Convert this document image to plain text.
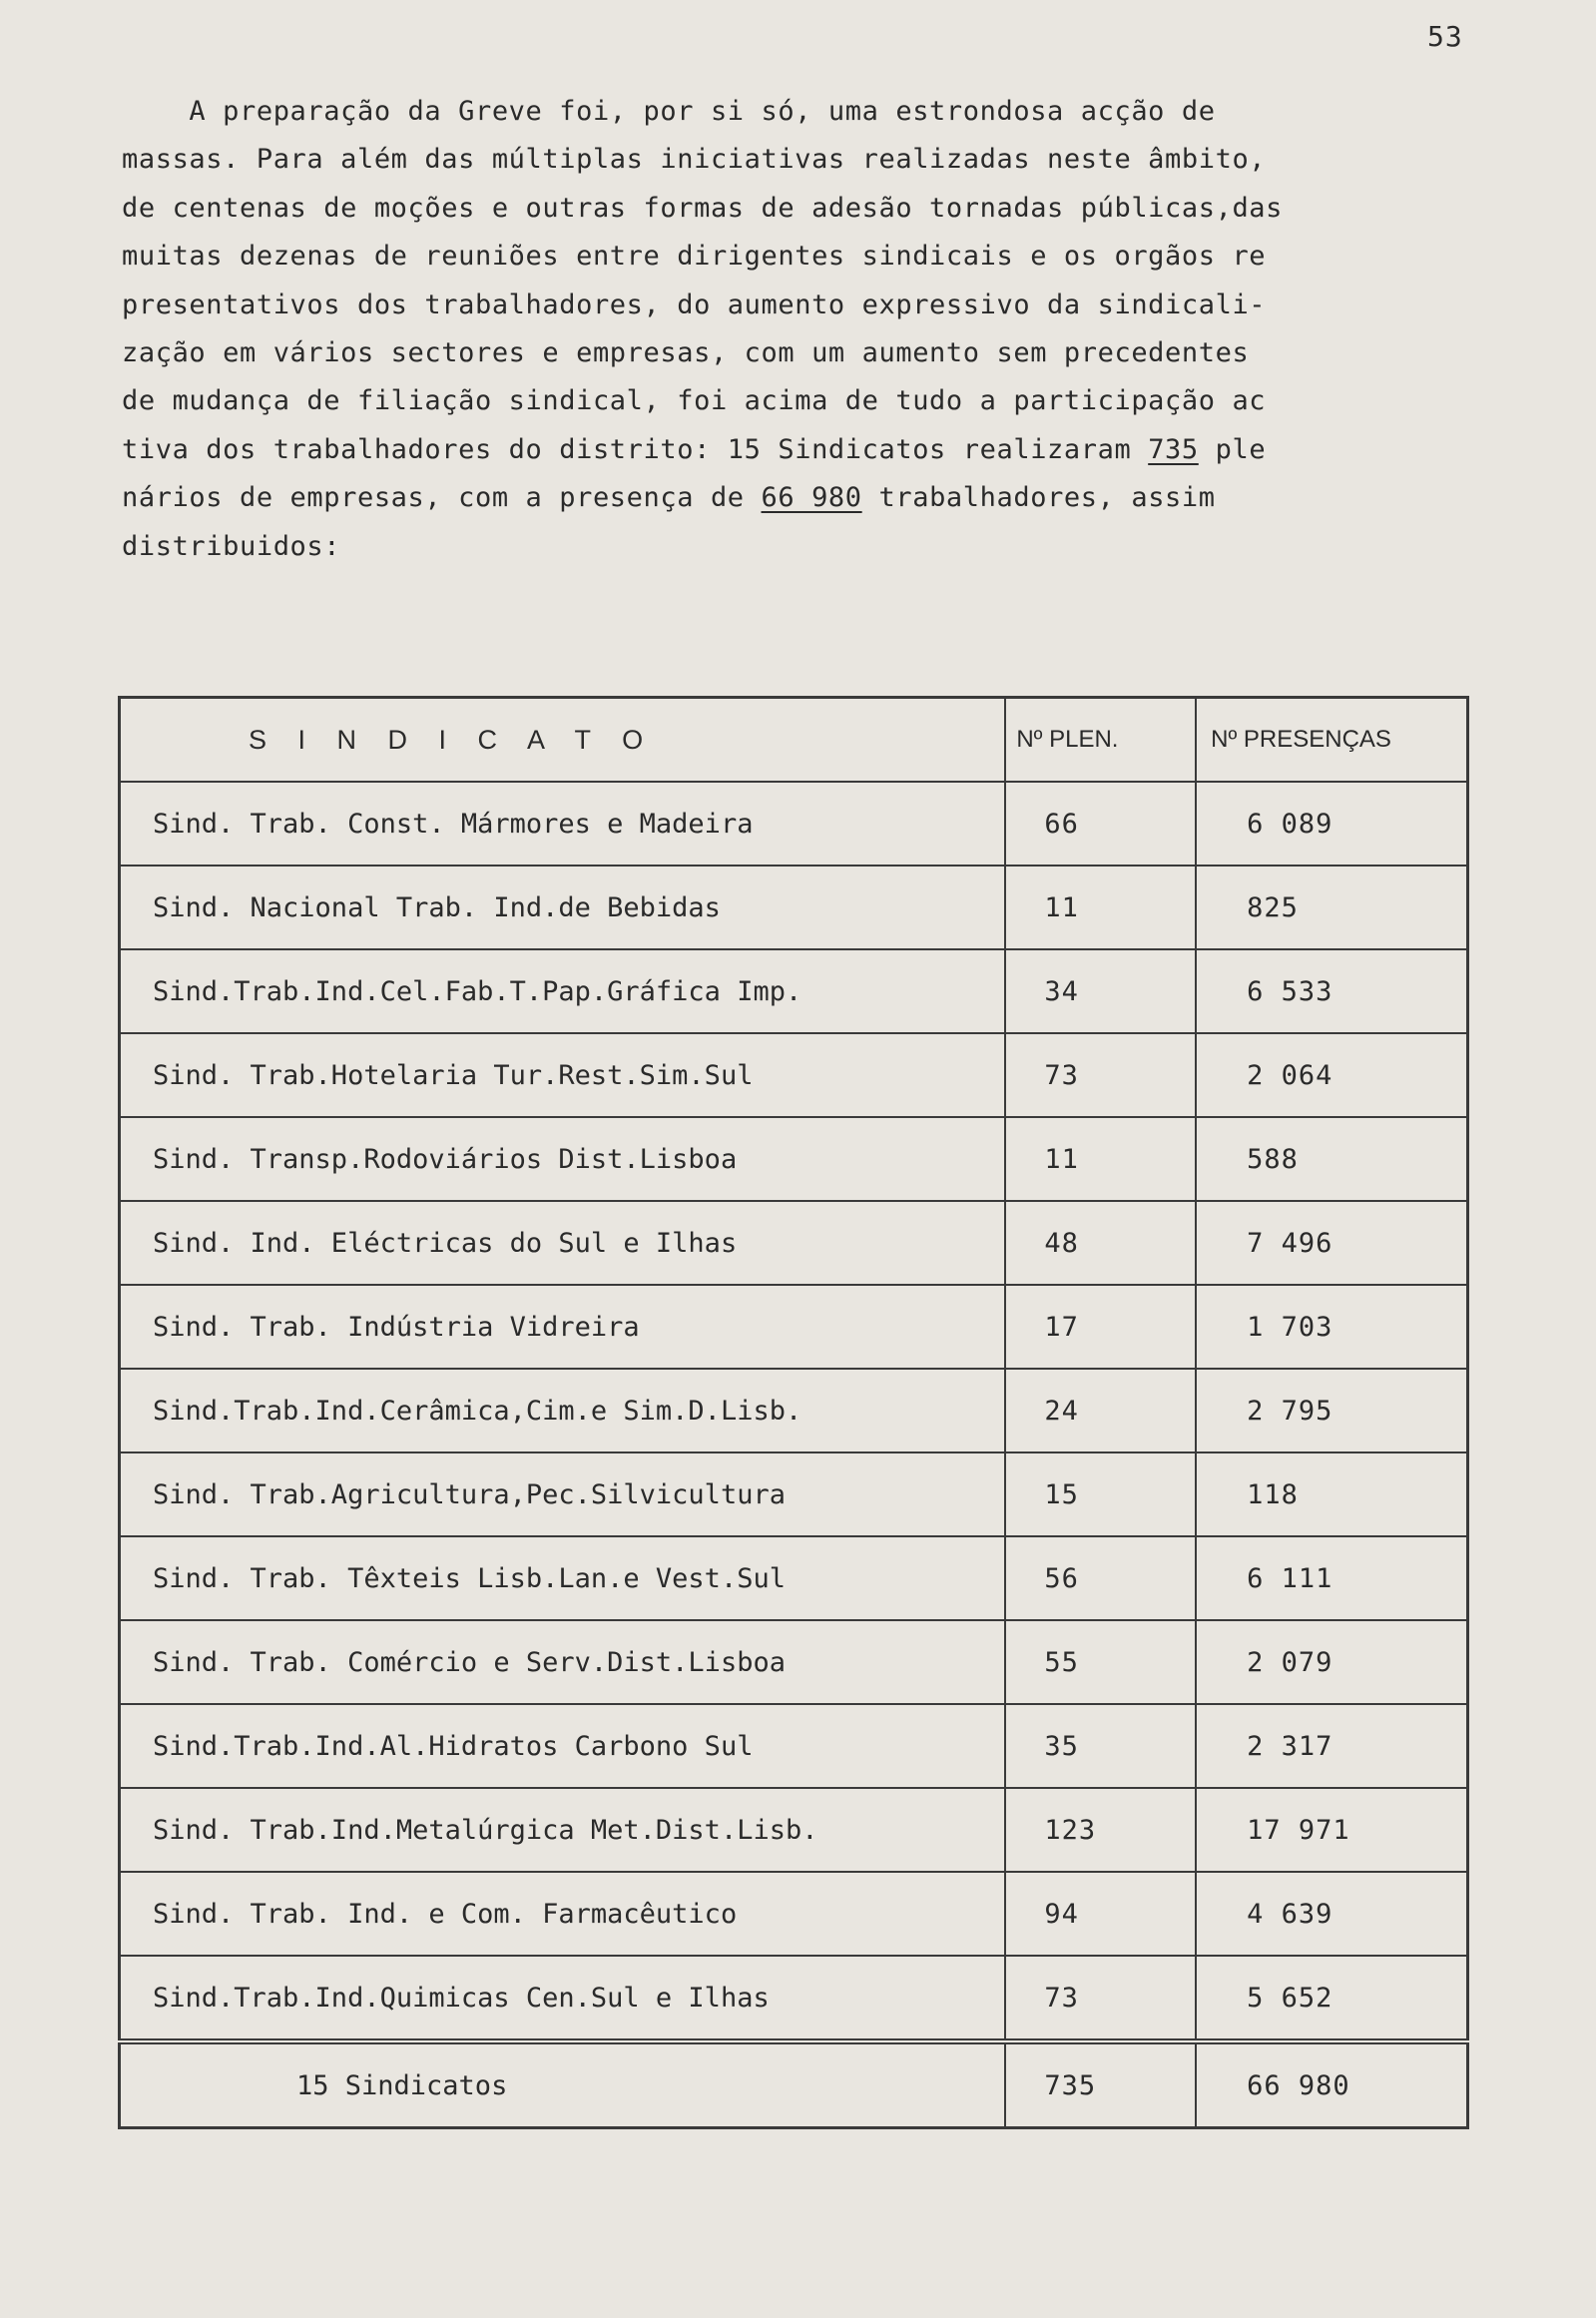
53
A preparação da Greve foi, por si só, uma estrondosa acção de
massas. Para além das múltiplas iniciativas realizadas neste âmbito,
de centenas de moções e outras formas de adesão tornadas públicas,das
muitas dezenas de reuniões entre dirigentes sindicais e os orgãos re
presentativos dos trabalhadores, do aumento expressivo da sindicali-
zação em vários sectores e empresas, com um aumento sem precedentes
de mudança de filiação sindical, foi acima de tudo a participação ac
tiva dos trabalhadores do distrito: 15 Sindicatos realizaram 735 ple
nários de empresas, com a presença de 66 980 trabalhadores, assim
distribuidos:
S I N D I C A T O	Nº PLEN.	Nº PRESENÇAS
Sind. Trab. Const. Mármores e Madeira	66	6 089
Sind. Nacional Trab. Ind.de Bebidas	11	825
Sind.Trab.Ind.Cel.Fab.T.Pap.Gráfica Imp.	34	6 533
Sind. Trab.Hotelaria Tur.Rest.Sim.Sul	73	2 064
Sind. Transp.Rodoviários Dist.Lisboa	11	588
Sind. Ind. Eléctricas do Sul e Ilhas	48	7 496
Sind. Trab. Indústria Vidreira	17	1 703
Sind.Trab.Ind.Cerâmica,Cim.e Sim.D.Lisb.	24	2 795
Sind. Trab.Agricultura,Pec.Silvicultura	15	118
Sind. Trab. Têxteis Lisb.Lan.e Vest.Sul	56	6 111
Sind. Trab. Comércio e Serv.Dist.Lisboa	55	2 079
Sind.Trab.Ind.Al.Hidratos Carbono Sul	35	2 317
Sind. Trab.Ind.Metalúrgica Met.Dist.Lisb.	123	17 971
Sind. Trab. Ind. e Com. Farmacêutico	94	4 639
Sind.Trab.Ind.Quimicas Cen.Sul e Ilhas	73	5 652
15 Sindicatos	735	66 980
